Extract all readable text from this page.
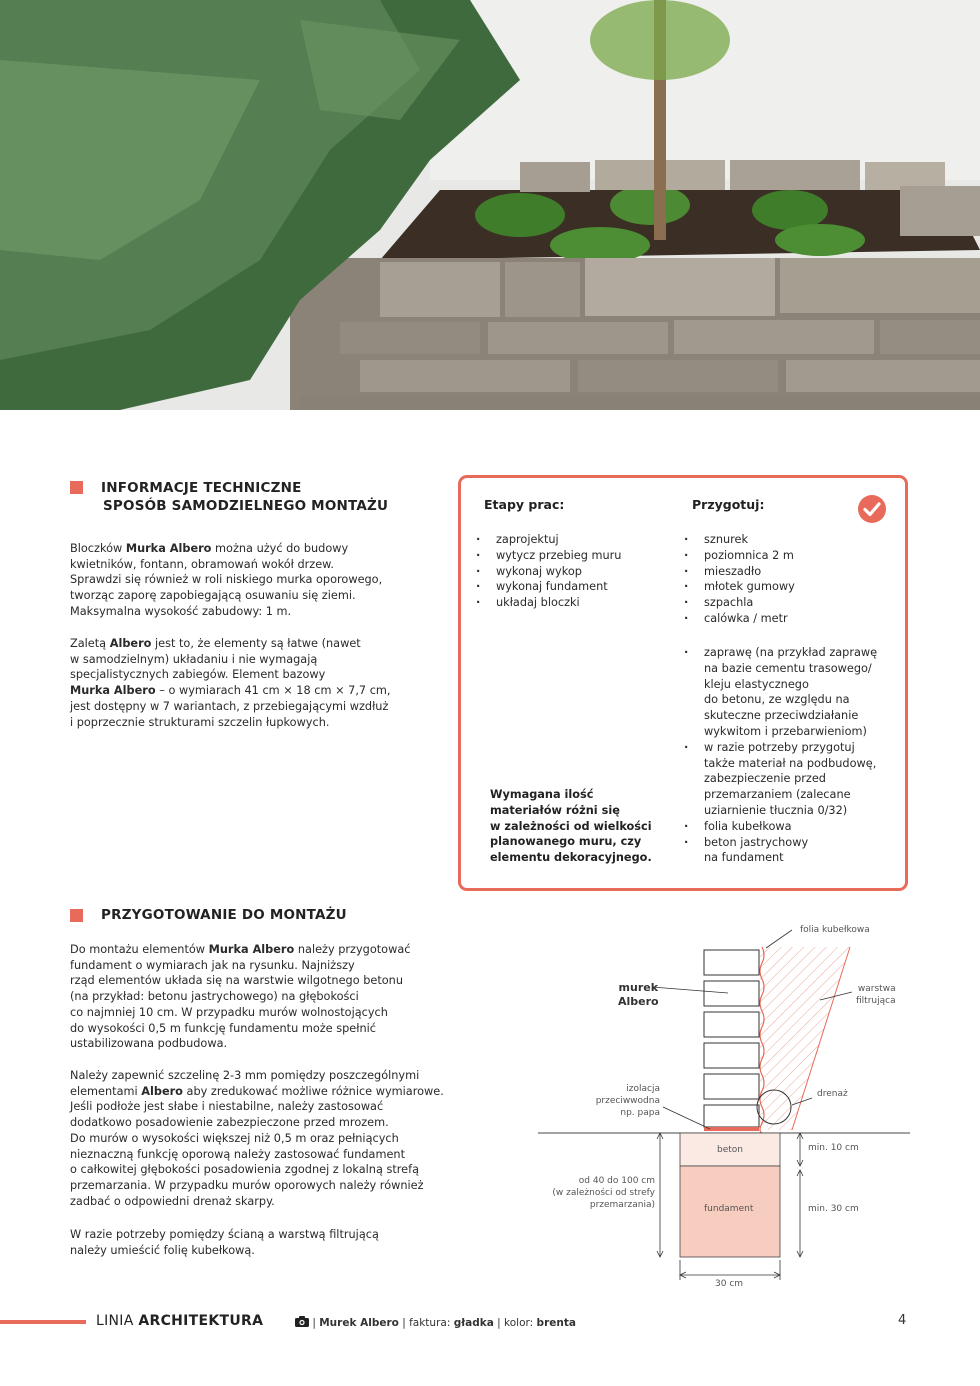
INFORMACJE TECHNICZNE
SPOSÓB SAMODZIELNEGO MONTAŻU
Bloczków Murka Albero można użyć do budowy
kwietników, fontann, obramowań wokół drzew.
Sprawdzi się również w roli niskiego murka oporowego,
tworząc zaporę zapobiegającą osuwaniu się ziemi.
Maksymalna wysokość zabudowy: 1 m.
Zaletą Albero jest to, że elementy są łatwe (nawet
w samodzielnym) układaniu i nie wymagają
specjalistycznych zabiegów. Element bazowy
Murka Albero – o wymiarach 41 cm × 18 cm × 7,7 cm,
jest dostępny w 7 wariantach, z przebiegającymi wzdłuż
i poprzecznie strukturami szczelin łupkowych.
Etapy prac:	Przygotuj:
· zaprojektuj
· wytycz przebieg muru
· wykonaj wykop
· wykonaj fundament
· układaj bloczki
· sznurek
· poziomnica 2 m
· mieszadło
· młotek gumowy
· szpachla
· calówka / metr
· zaprawę (na przykład zaprawę
na bazie cementu trasowego/
kleju elastycznego
do betonu, ze względu na
skuteczne przeciwdziałanie
wykwitom i przebarwieniom)
· w razie potrzeby przygotuj
także materiał na podbudowę,
zabezpieczenie przed
przemarzaniem (zalecane
uziarnienie tłucznia 0/32)
· folia kubełkowa
· beton jastrychowy
na fundament
Wymagana ilość
materiałów różni się
w zależności od wielkości
planowanego muru, czy
elementu dekoracyjnego.
PRZYGOTOWANIE DO MONTAŻU
Do montażu elementów Murka Albero należy przygotować
fundament o wymiarach jak na rysunku. Najniższy
rząd elementów układa się na warstwie wilgotnego betonu
(na przykład: betonu jastrychowego) na głębokości
co najmniej 10 cm. W przypadku murów wolnostojących
do wysokości 0,5 m funkcję fundamentu może spełnić
ustabilizowana podbudowa.
Należy zapewnić szczelinę 2-3 mm pomiędzy poszczególnymi
elementami Albero aby zredukować możliwe różnice wymiarowe.
Jeśli podłoże jest słabe i niestabilne, należy zastosować
dodatkowo posadowienie zabezpieczone przed mrozem.
Do murów o wysokości większej niż 0,5 m oraz pełniących
nieznaczną funkcję oporową należy zastosować fundament
o całkowitej głębokości posadowienia zgodnej z lokalną strefą
przemarzania. W przypadku murów oporowych należy również
zadbać o odpowiedni drenaż skarpy.
W razie potrzeby pomiędzy ścianą a warstwą filtrującą
należy umieścić folię kubełkową.
folia kubełkowa
murek
Albero
warstwa
filtrująca
izolacja
przeciwwodna
np. papa
drenaż
beton
fundament
min. 10 cm
min. 30 cm
od 40 do 100 cm
(w zależności od strefy
przemarzania)
30 cm
LINIA ARCHITEKTURA	| Murek Albero | faktura: gładka | kolor: brenta	4
